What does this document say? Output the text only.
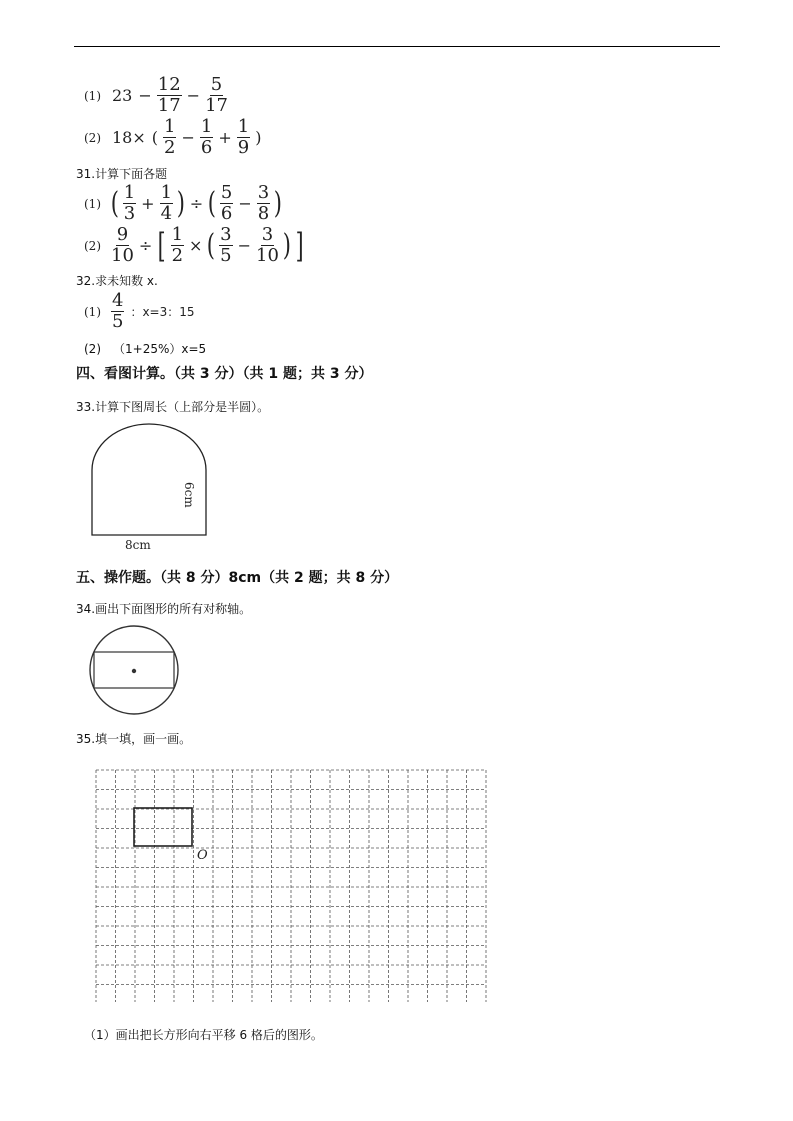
(1) $23 - \frac{12}{17} - \frac{5}{17}$
(2) 18× ( $\frac{1}{2} - \frac{1}{6} + \frac{1}{9}$ )
31.计算下面各题
(1) ( $\frac{1}{3} + \frac{1}{4}$ ) ÷ ( $\frac{5}{6} - \frac{3}{8}$ )
$(2) \frac{9}{10}$ ÷ [ $\frac{1}{2}$ × ( $\frac{3}{5} - \frac{3}{10}$ ) ]
32.求未知数 x.
$(1) \frac{4}{5}$ ：x=3：15
(2) （1+25%）x=5
四、看图计算。（共 3 分）（共 1 题；共 3 分）
33.计算下图周长（上部分是半圆）。
8cm
6cm
五、操作题。（共 8 分）8cm（共 2 题；共 8 分）
34.画出下面图形的所有对称轴。
35.填一填，画一画。
O
（1）画出把长方形向右平移 6 格后的图形。
